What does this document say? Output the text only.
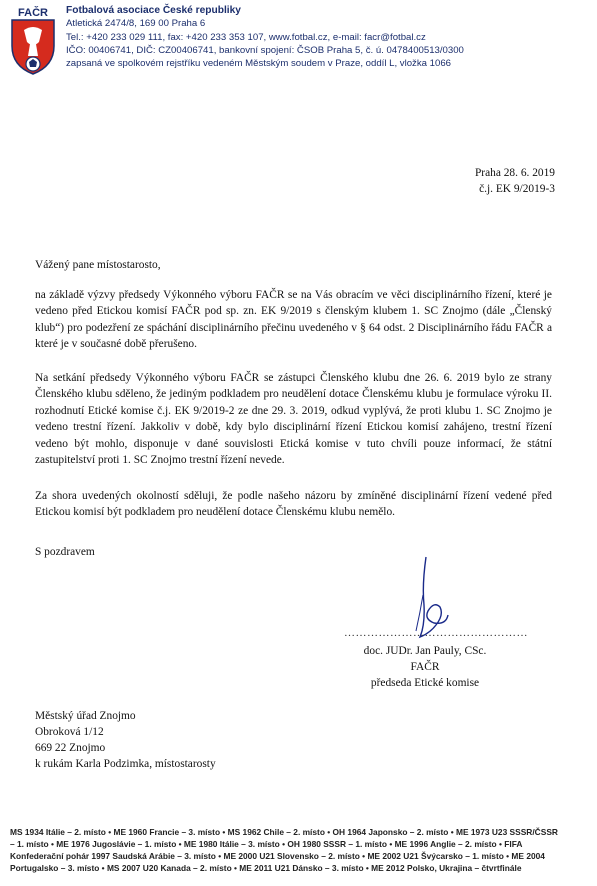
FAČR Fotbalová asociace České republiky
Atletická 2474/8, 169 00 Praha 6
Tel.: +420 233 029 111, fax: +420 233 353 107, www.fotbal.cz, e-mail: facr@fotbal.cz
IČO: 00406741, DIČ: CZ00406741, bankovní spojení: ČSOB Praha 5, č. ú. 0478400513/0300
zapsaná ve spolkovém rejstříku vedeném Městským soudem v Praze, oddíl L, vložka 1066
Praha 28. 6. 2019
č.j. EK 9/2019-3
Vážený pane místostarosto,
na základě výzvy předsedy Výkonného výboru FAČR se na Vás obracím ve věci disciplinárního řízení, které je vedeno před Etickou komisí FAČR pod sp. zn. EK 9/2019 s členským klubem 1. SC Znojmo (dále „Členský klub“) pro podezření ze spáchání disciplinárního přečinu uvedeného v § 64 odst. 2 Disciplinárního řádu FAČR a které je v současné době přerušeno.
Na setkání předsedy Výkonného výboru FAČR se zástupci Členského klubu dne 26. 6. 2019 bylo ze strany Členského klubu sděleno, že jediným podkladem pro neudělení dotace Členskému klubu je formulace výroku II. rozhodnutí Etické komise č.j. EK 9/2019-2 ze dne 29. 3. 2019, odkud vyplývá, že proti klubu 1. SC Znojmo je vedeno trestní řízení. Jakkoliv v době, kdy bylo disciplinární řízení Etickou komisí zahájeno, trestní řízení vedeno být mohlo, disponuje v dané souvislosti Etická komise v tuto chvíli pouze informací, že státní zastupitelství proti 1. SC Znojmo trestní řízení nevede.
Za shora uvedených okolností sděluji, že podle našeho názoru by zmíněné disciplinární řízení vedené před Etickou komisí být podkladem pro neudělení dotace Členskému klubu nemělo.
S pozdravem
…………………………………………
doc. JUDr. Jan Pauly, CSc.
FAČR
předseda Etické komise
Městský úřad Znojmo
Obroková 1/12
669 22 Znojmo
k rukám Karla Podzimka, místostarosty
MS 1934 Itálie – 2. místo • ME 1960 Francie – 3. místo • MS 1962 Chile – 2. místo • OH 1964 Japonsko – 2. místo • ME 1973 U23 SSSR/ČSSR
– 1. místo • ME 1976 Jugoslávie – 1. místo • ME 1980 Itálie – 3. místo • OH 1980 SSSR – 1. místo • ME 1996 Anglie – 2. místo • FIFA
Konfederační pohár 1997 Saudská Arábie – 3. místo • ME 2000 U21 Slovensko – 2. místo • ME 2002 U21 Švýcarsko – 1. místo • ME 2004
Portugalsko – 3. místo • MS 2007 U20 Kanada – 2. místo • ME 2011 U21 Dánsko – 3. místo • ME 2012 Polsko, Ukrajina – čtvrtfinále
